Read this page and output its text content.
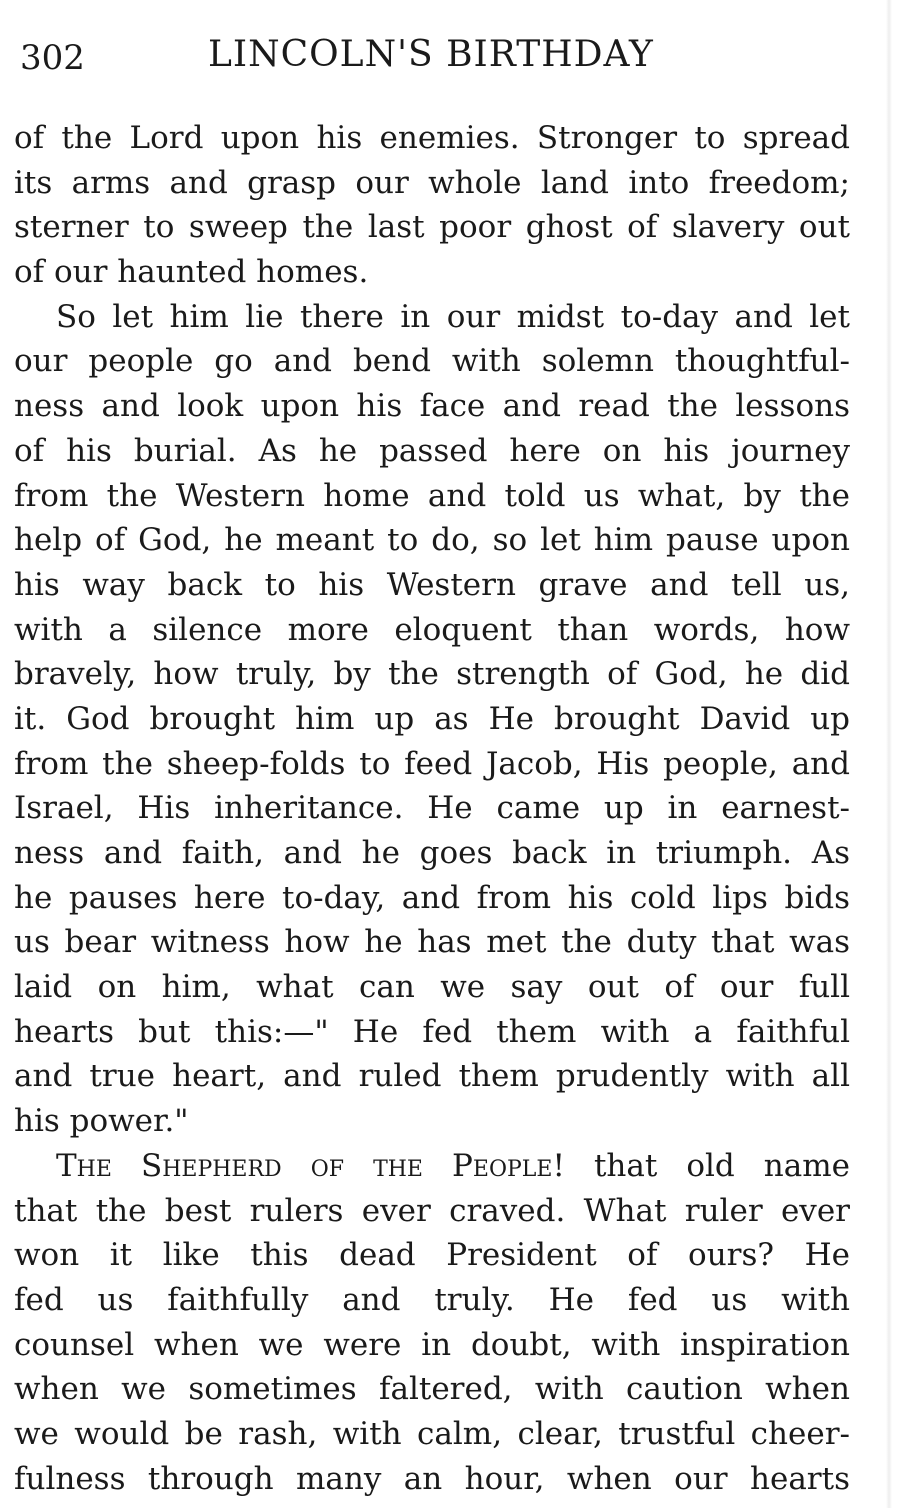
302	LINCOLN'S BIRTHDAY
of the Lord upon his enemies. Stronger to spread
its arms and grasp our whole land into freedom;
sterner to sweep the last poor ghost of slavery out
of our haunted homes.
So let him lie there in our midst to-day and let
our people go and bend with solemn thoughtful-
ness and look upon his face and read the lessons
of his burial. As he passed here on his journey
from the Western home and told us what, by the
help of God, he meant to do, so let him pause upon
his way back to his Western grave and tell us,
with a silence more eloquent than words, how
bravely, how truly, by the strength of God, he did
it. God brought him up as He brought David up
from the sheep-folds to feed Jacob, His people, and
Israel, His inheritance. He came up in earnest-
ness and faith, and he goes back in triumph. As
he pauses here to-day, and from his cold lips bids
us bear witness how he has met the duty that was
laid on him, what can we say out of our full
hearts but this:—" He fed them with a faithful
and true heart, and ruled them prudently with all
his power."
The Shepherd of the People! that old name
that the best rulers ever craved. What ruler ever
won it like this dead President of ours? He
fed us faithfully and truly. He fed us with
counsel when we were in doubt, with inspiration
when we sometimes faltered, with caution when
we would be rash, with calm, clear, trustful cheer-
fulness through many an hour, when our hearts
